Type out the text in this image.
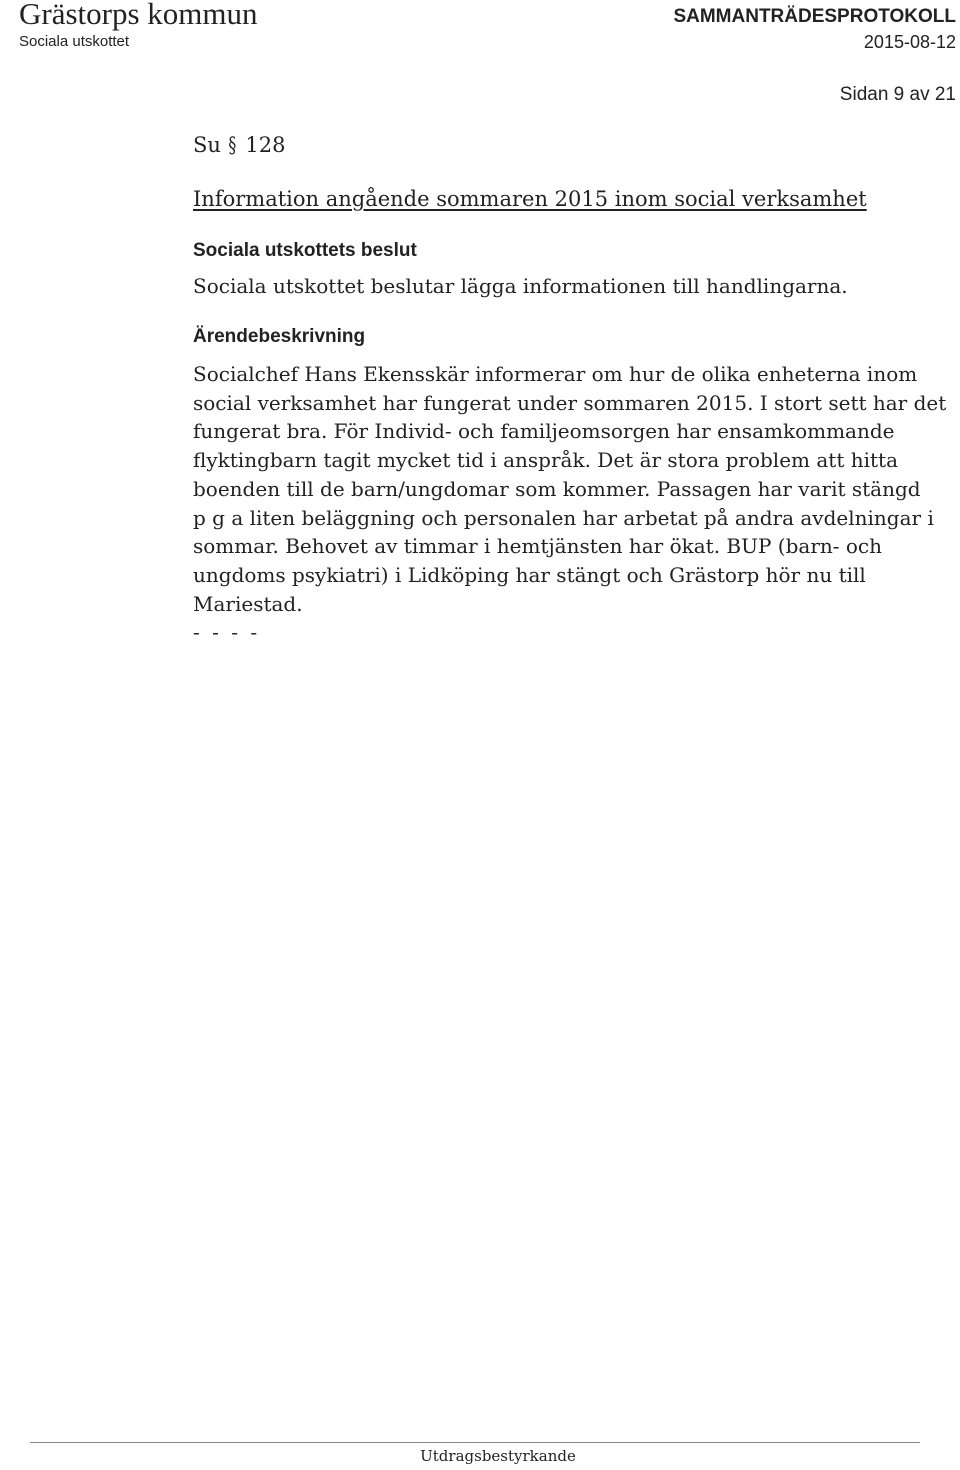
Grästorps kommun
Sociala utskottet
SAMMANTRÄDESPROTOKOLL
2015-08-12
Sidan 9 av 21
Su § 128
Information angående sommaren 2015 inom social verksamhet
Sociala utskottets beslut
Sociala utskottet beslutar lägga informationen till handlingarna.
Ärendebeskrivning
Socialchef Hans Ekensskär informerar om hur de olika enheterna inom
social verksamhet har fungerat under sommaren 2015. I stort sett har det
fungerat bra. För Individ- och familjeomsorgen har ensamkommande
flyktingbarn tagit mycket tid i anspråk. Det är stora problem att hitta
boenden till de barn/ungdomar som kommer. Passagen har varit stängd
p g a liten beläggning och personalen har arbetat på andra avdelningar i
sommar. Behovet av timmar i hemtjänsten har ökat. BUP (barn- och
ungdoms psykiatri) i Lidköping har stängt och Grästorp hör nu till
Mariestad.
- - - -
Utdragsbestyrkande
